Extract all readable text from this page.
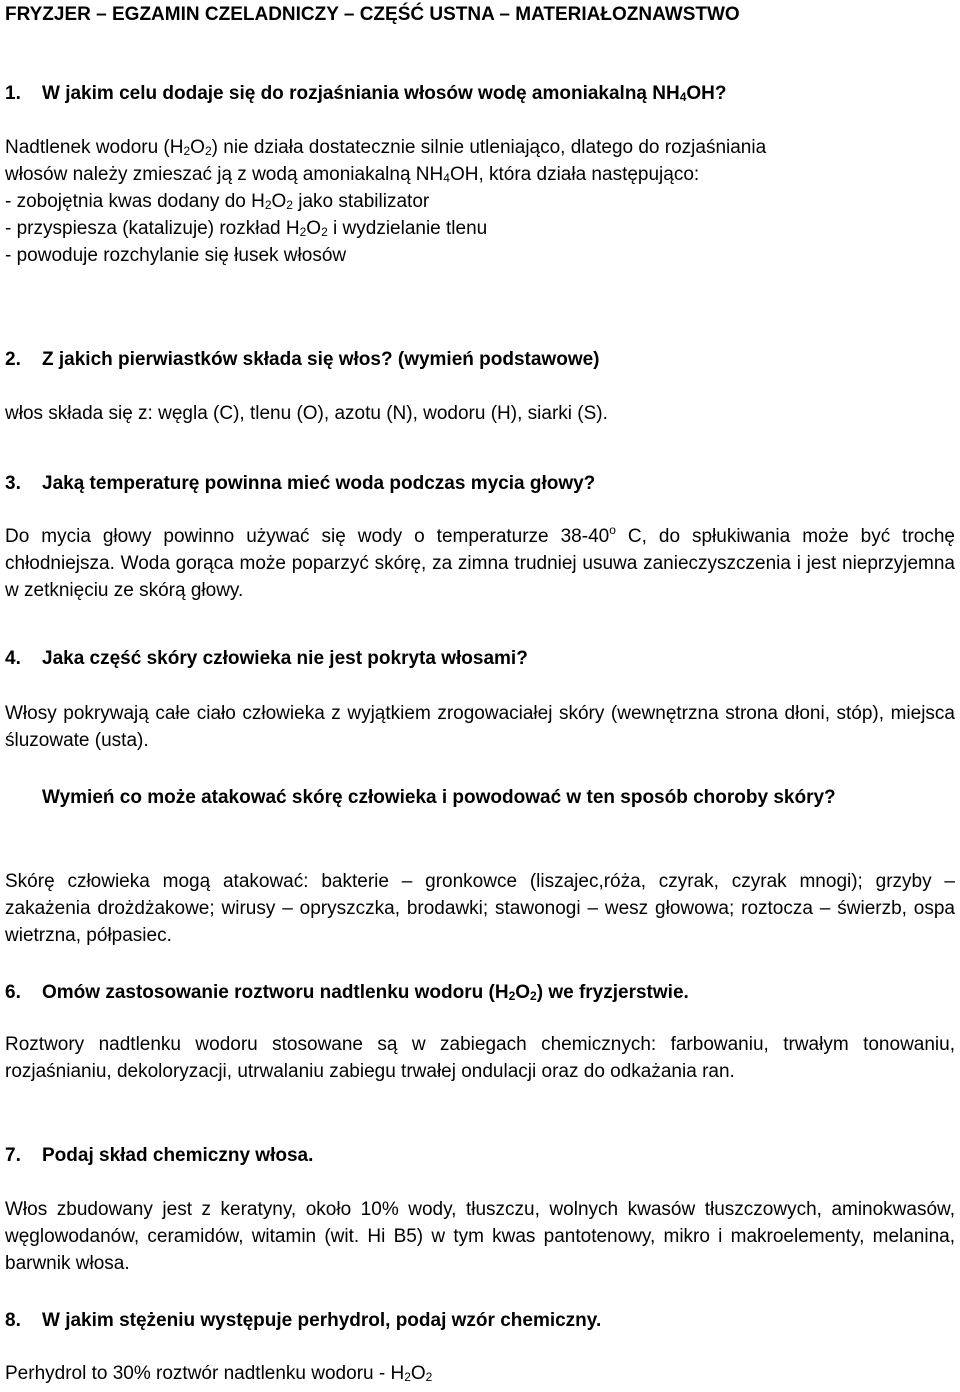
FRYZJER – EGZAMIN CZELADNICZY – CZĘŚĆ USTNA – MATERIAŁOZNAWSTWO
1. W jakim celu dodaje się do rozjaśniania włosów wodę amoniakalną $NH_4OH$?
Nadtlenek wodoru $(H_2O_2)$ nie działa dostatecznie silnie utleniająco, dlatego do rozjaśniania
włosów należy zmieszać ją z wodą amoniakalną $NH_4OH$, która działa następująco:
- zobojętnia kwas dodany do $H_2O_2$ jako stabilizator
- przyspiesza (katalizuje) rozkład $H_2O_2$ i wydzielanie tlenu
- powoduje rozchylanie się łusek włosów
2. Z jakich pierwiastków składa się włos? (wymień podstawowe)
włos składa się z: węgla (C), tlenu (O), azotu (N), wodoru (H), siarki (S).
3. Jaką temperaturę powinna mieć woda podczas mycia głowy?
Do mycia głowy powinno używać się wody o temperaturze 38-40$^o$ C, do spłukiwania może być trochę chłodniejsza. Woda gorąca może poparzyć skórę, za zimna trudniej usuwa zanieczyszczenia i jest nieprzyjemna w zetknięciu ze skórą głowy.
4. Jaka część skóry człowieka nie jest pokryta włosami?
Włosy pokrywają całe ciało człowieka z wyjątkiem zrogowaciałej skóry (wewnętrzna strona dłoni, stóp), miejsca śluzowate (usta).
Wymień co może atakować skórę człowieka i powodować w ten sposób choroby skóry?
Skórę człowieka mogą atakować: bakterie – gronkowce (liszajec,róża, czyrak, czyrak mnogi); grzyby – zakażenia drożdżakowe; wirusy – opryszczka, brodawki; stawonogi – wesz głowowa; roztocza – świerzb, ospa wietrzna, półpasiec.
6. Omów zastosowanie roztworu nadtlenku wodoru $(H_2O_2)$ we fryzjerstwie.
Roztwory nadtlenku wodoru stosowane są w zabiegach chemicznych: farbowaniu, trwałym tonowaniu, rozjaśnianiu, dekoloryzacji, utrwalaniu zabiegu trwałej ondulacji oraz do odkażania ran.
7. Podaj skład chemiczny włosa.
Włos zbudowany jest z keratyny, około 10% wody, tłuszczu, wolnych kwasów tłuszczowych, aminokwasów, węglowodanów, ceramidów, witamin (wit. Hi B5) w tym kwas pantotenowy, mikro i makroelementy, melanina, barwnik włosa.
8. W jakim stężeniu występuje perhydrol, podaj wzór chemiczny.
Perhydrol to 30% roztwór nadtlenku wodoru - $H_2O_2$
